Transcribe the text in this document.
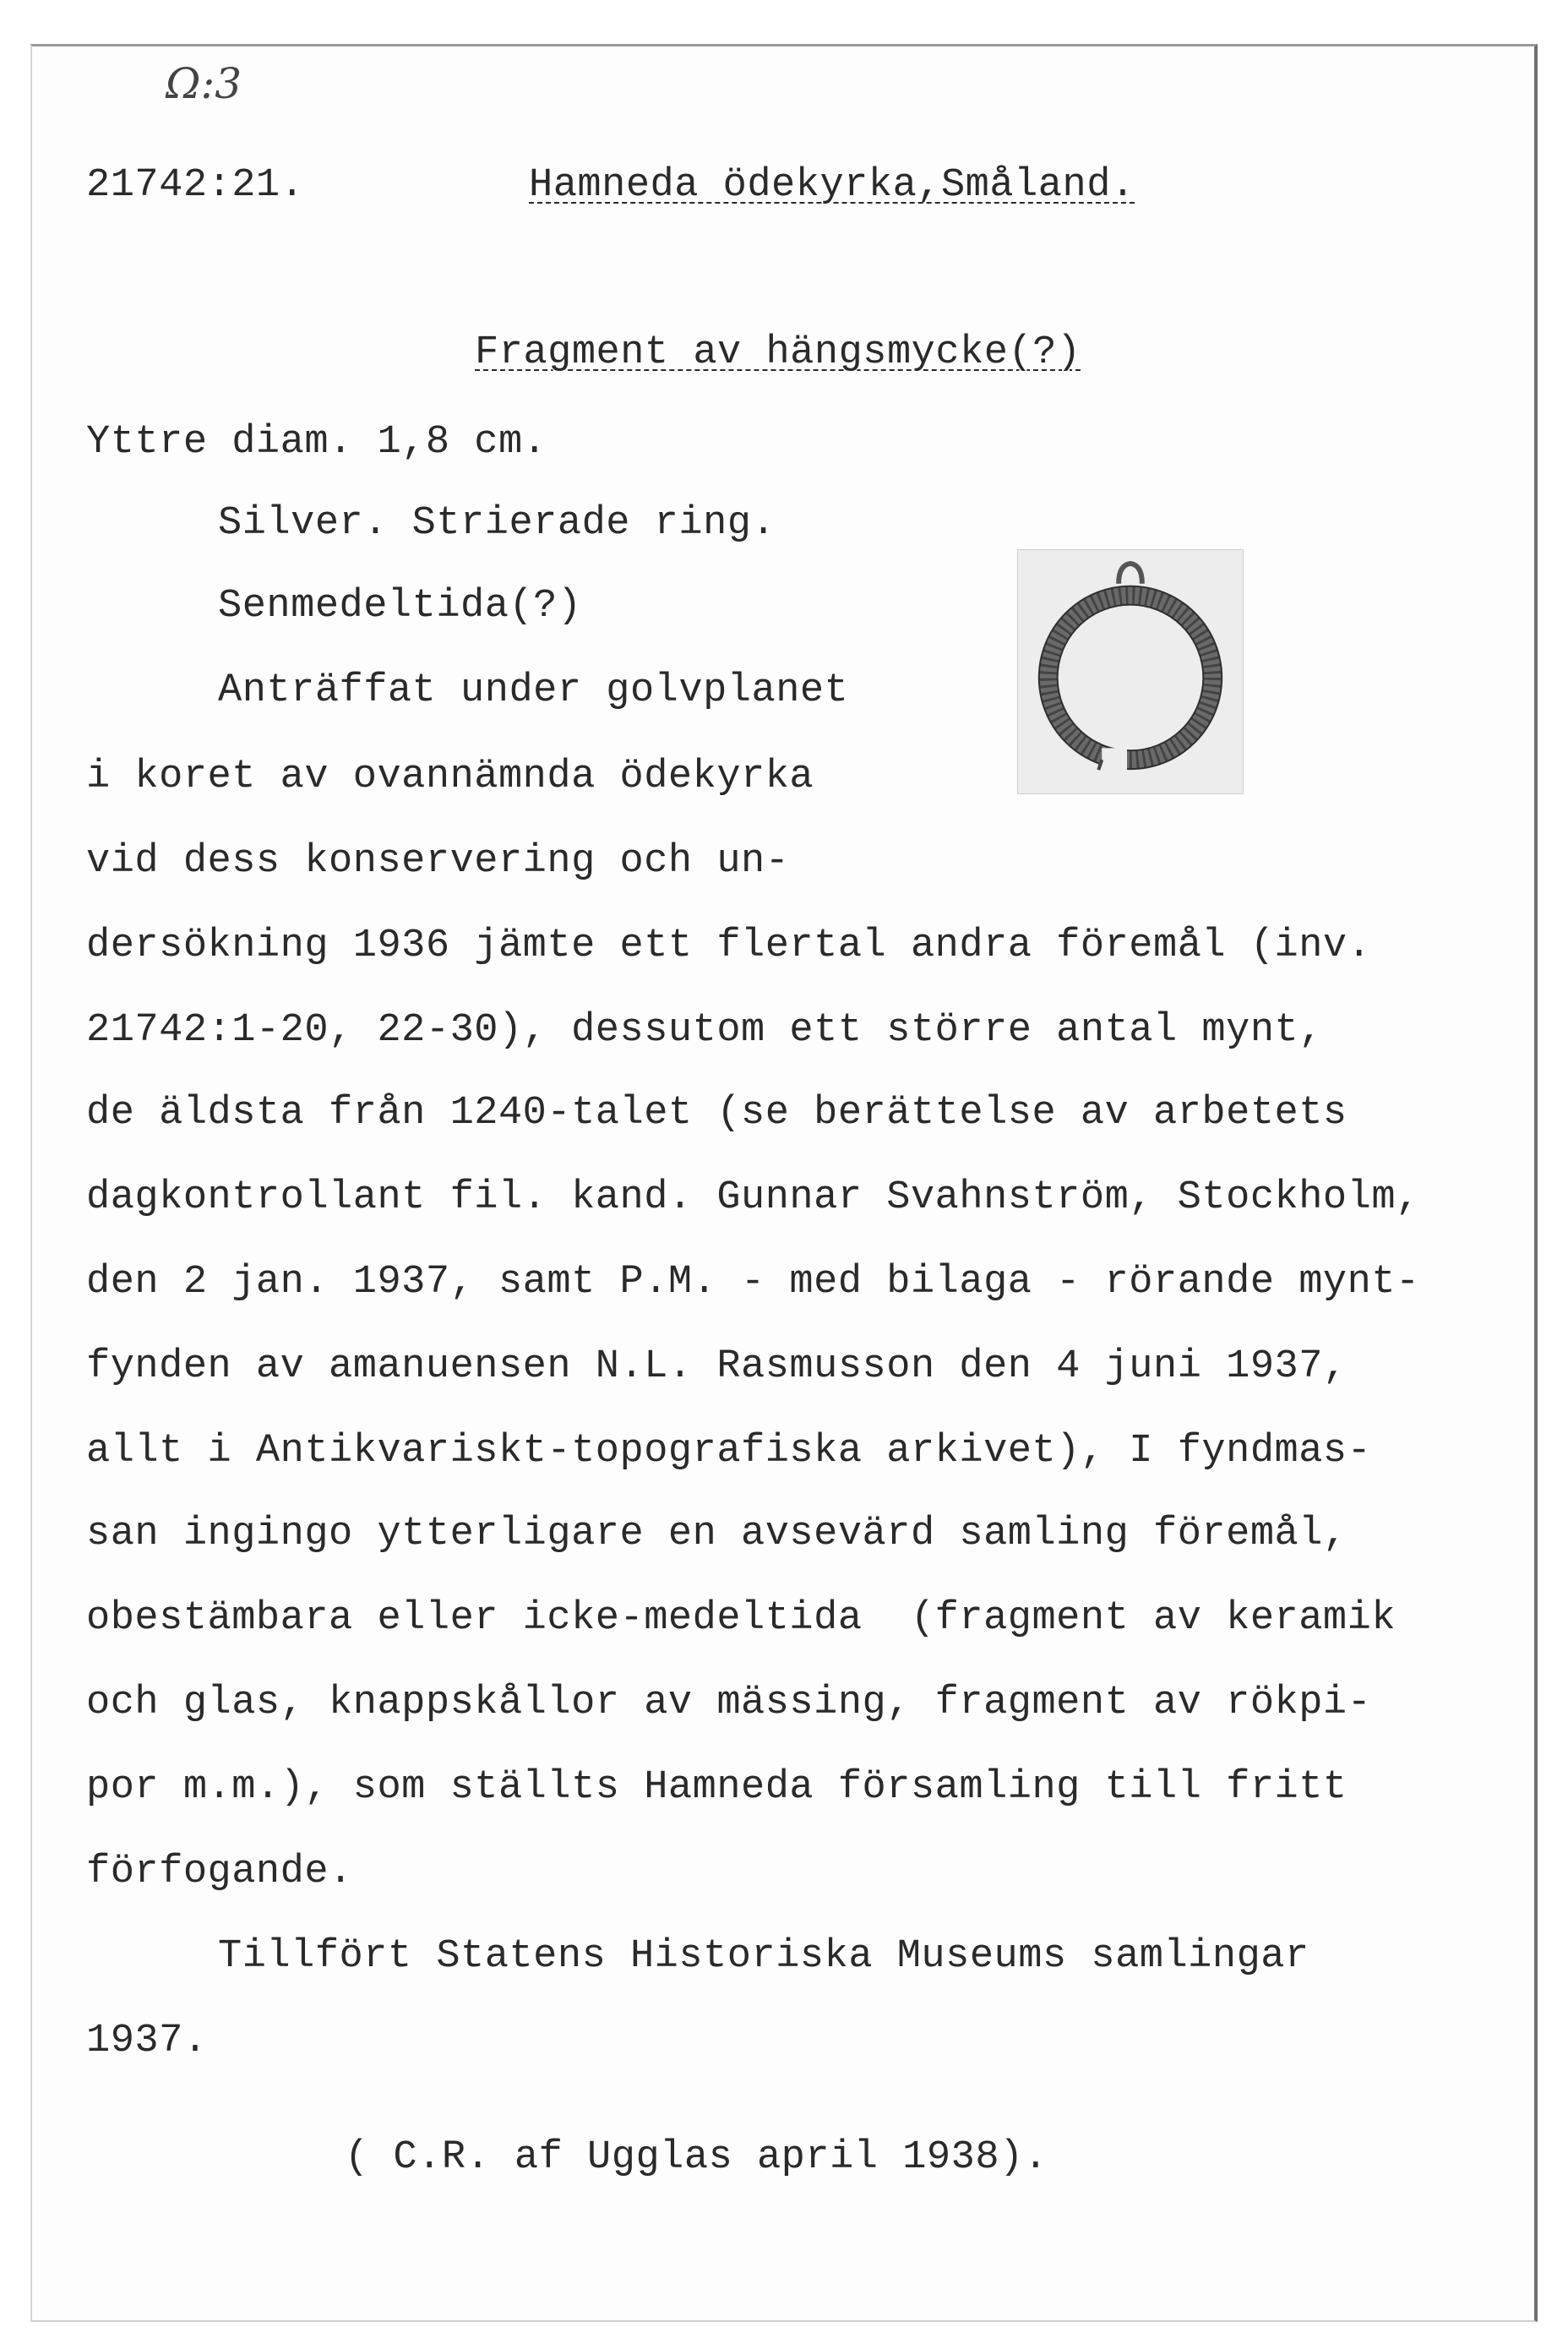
Ω:3
21742:21.	Hamneda ödekyrka,Småland.
Fragment av hängsmycke(?)
Yttre diam. 1,8 cm.
Silver. Strierade ring.
Senmedeltida(?)
Anträffat under golvplanet
i koret av ovannämnda ödekyrka
vid dess konservering och un-
dersökning 1936 jämte ett flertal andra föremål (inv.
21742:1-20, 22-30), dessutom ett större antal mynt,
de äldsta från 1240-talet (se berättelse av arbetets
dagkontrollant fil. kand. Gunnar Svahnström, Stockholm,
den 2 jan. 1937, samt P.M. - med bilaga - rörande mynt-
fynden av amanuensen N.L. Rasmusson den 4 juni 1937,
allt i Antikvariskt-topografiska arkivet), I fyndmas-
san ingingo ytterligare en avsevärd samling föremål,
obestämbara eller icke-medeltida  (fragment av keramik
och glas, knappskållor av mässing, fragment av rökpi-
por m.m.), som ställts Hamneda församling till fritt
förfogande.
Tillfört Statens Historiska Museums samlingar
1937.
( C.R. af Ugglas april 1938).
